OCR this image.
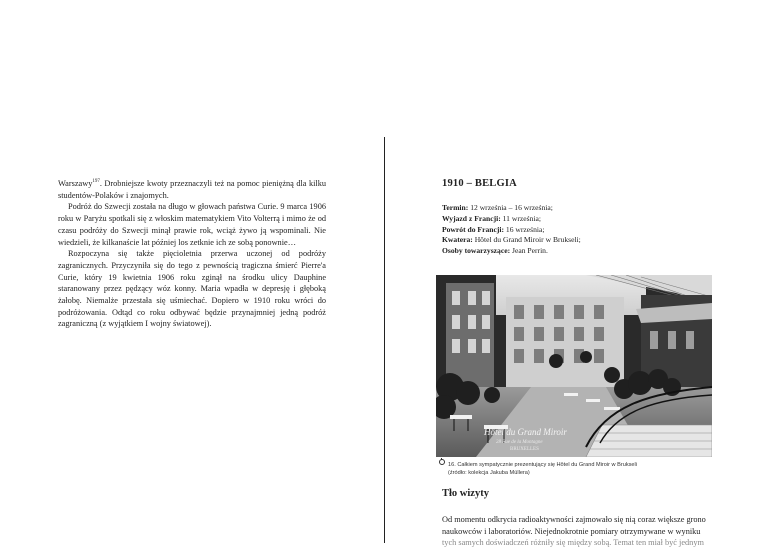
Warszawy$^{197}$. Drobniejsze kwoty przeznaczyli też na pomoc pieniężną dla kilku studentów-Polaków i znajomych.

Podróż do Szwecji została na długo w głowach państwa Curie. 9 marca 1906 roku w Paryżu spotkali się z włoskim matematykiem Vito Volterrą i mimo że od czasu podróży do Szwecji minął prawie rok, wciąż żywo ją wspominali. Nie wiedzieli, że kilkanaście lat później los zetknie ich ze sobą ponownie…

Rozpoczyna się także pięcioletnia przerwa uczonej od podróży zagranicznych. Przyczyniła się do tego z pewnością tragiczna śmierć Pierre'a Curie, który 19 kwietnia 1906 roku zginął na środku ulicy Dauphine staranowany przez pędzący wóz konny. Maria wpadła w depresję i głęboką żałobę. Niemalże przestała się uśmiechać. Dopiero w 1910 roku wróci do podróżowania. Odtąd co roku odbywać będzie przynajmniej jedną podróż zagraniczną (z wyjątkiem I wojny światowej).

1910 – BELGIA
Termin: 12 września – 16 września;
Wyjazd z Francji: 11 września;
Powrót do Francji: 16 września;
Kwatera: Hôtel du Grand Miroir w Brukseli;
Osoby towarzyszące: Jean Perrin.
Hôtel du Grand Miroir
28 Rue de la Montagne
BRUXELLES
16. Całkiem sympatycznie prezentujący się Hôtel du Grand Miroir w Brukseli
(źródło: kolekcja Jakuba Müllera)
Tło wizyty
Od momentu odkrycia radioaktywności zajmowało się nią coraz większe grono
naukowców i laboratoriów. Niejednokrotnie pomiary otrzymywane w wyniku
tych samych doświadczeń różniły się między sobą. Temat ten miał być jednym
